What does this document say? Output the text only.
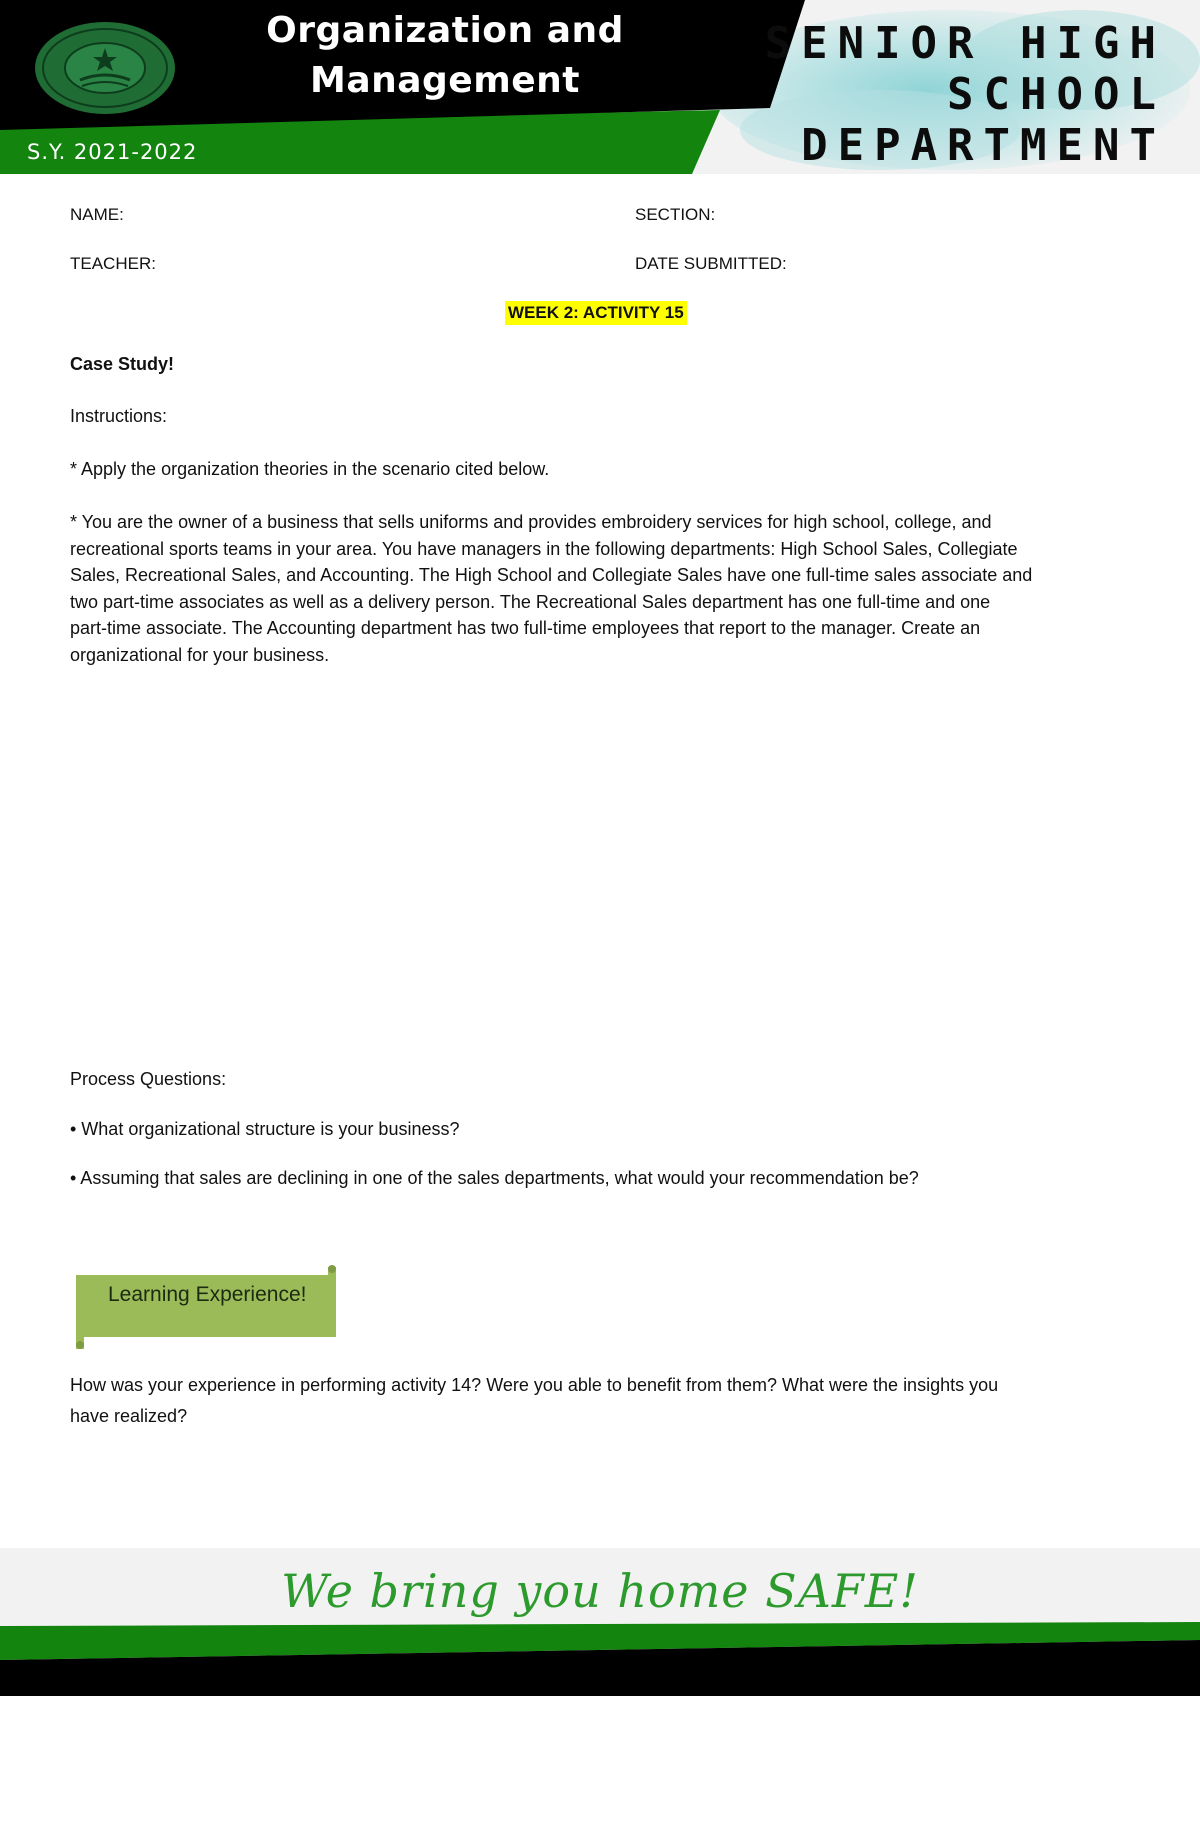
Organization and
Management
S.Y. 2021-2022
SENIOR HIGH
SCHOOL
DEPARTMENT
NAME:	SECTION:
TEACHER:	DATE SUBMITTED:
WEEK 2: ACTIVITY 15
Case Study!
Instructions:
* Apply the organization theories in the scenario cited below.
* You are the owner of a business that sells uniforms and provides embroidery services for high school, college, and
recreational sports teams in your area. You have managers in the following departments: High School Sales, Collegiate
Sales, Recreational Sales, and Accounting. The High School and Collegiate Sales have one full-time sales associate and
two part-time associates as well as a delivery person. The Recreational Sales department has one full-time and one
part-time associate. The Accounting department has two full-time employees that report to the manager. Create an
organizational for your business.
Process Questions:
• What organizational structure is your business?
• Assuming that sales are declining in one of the sales departments, what would your recommendation be?
Learning Experience!
How was your experience in performing activity 14? Were you able to benefit from them? What were the insights you
have realized?
We bring you home SAFE!
